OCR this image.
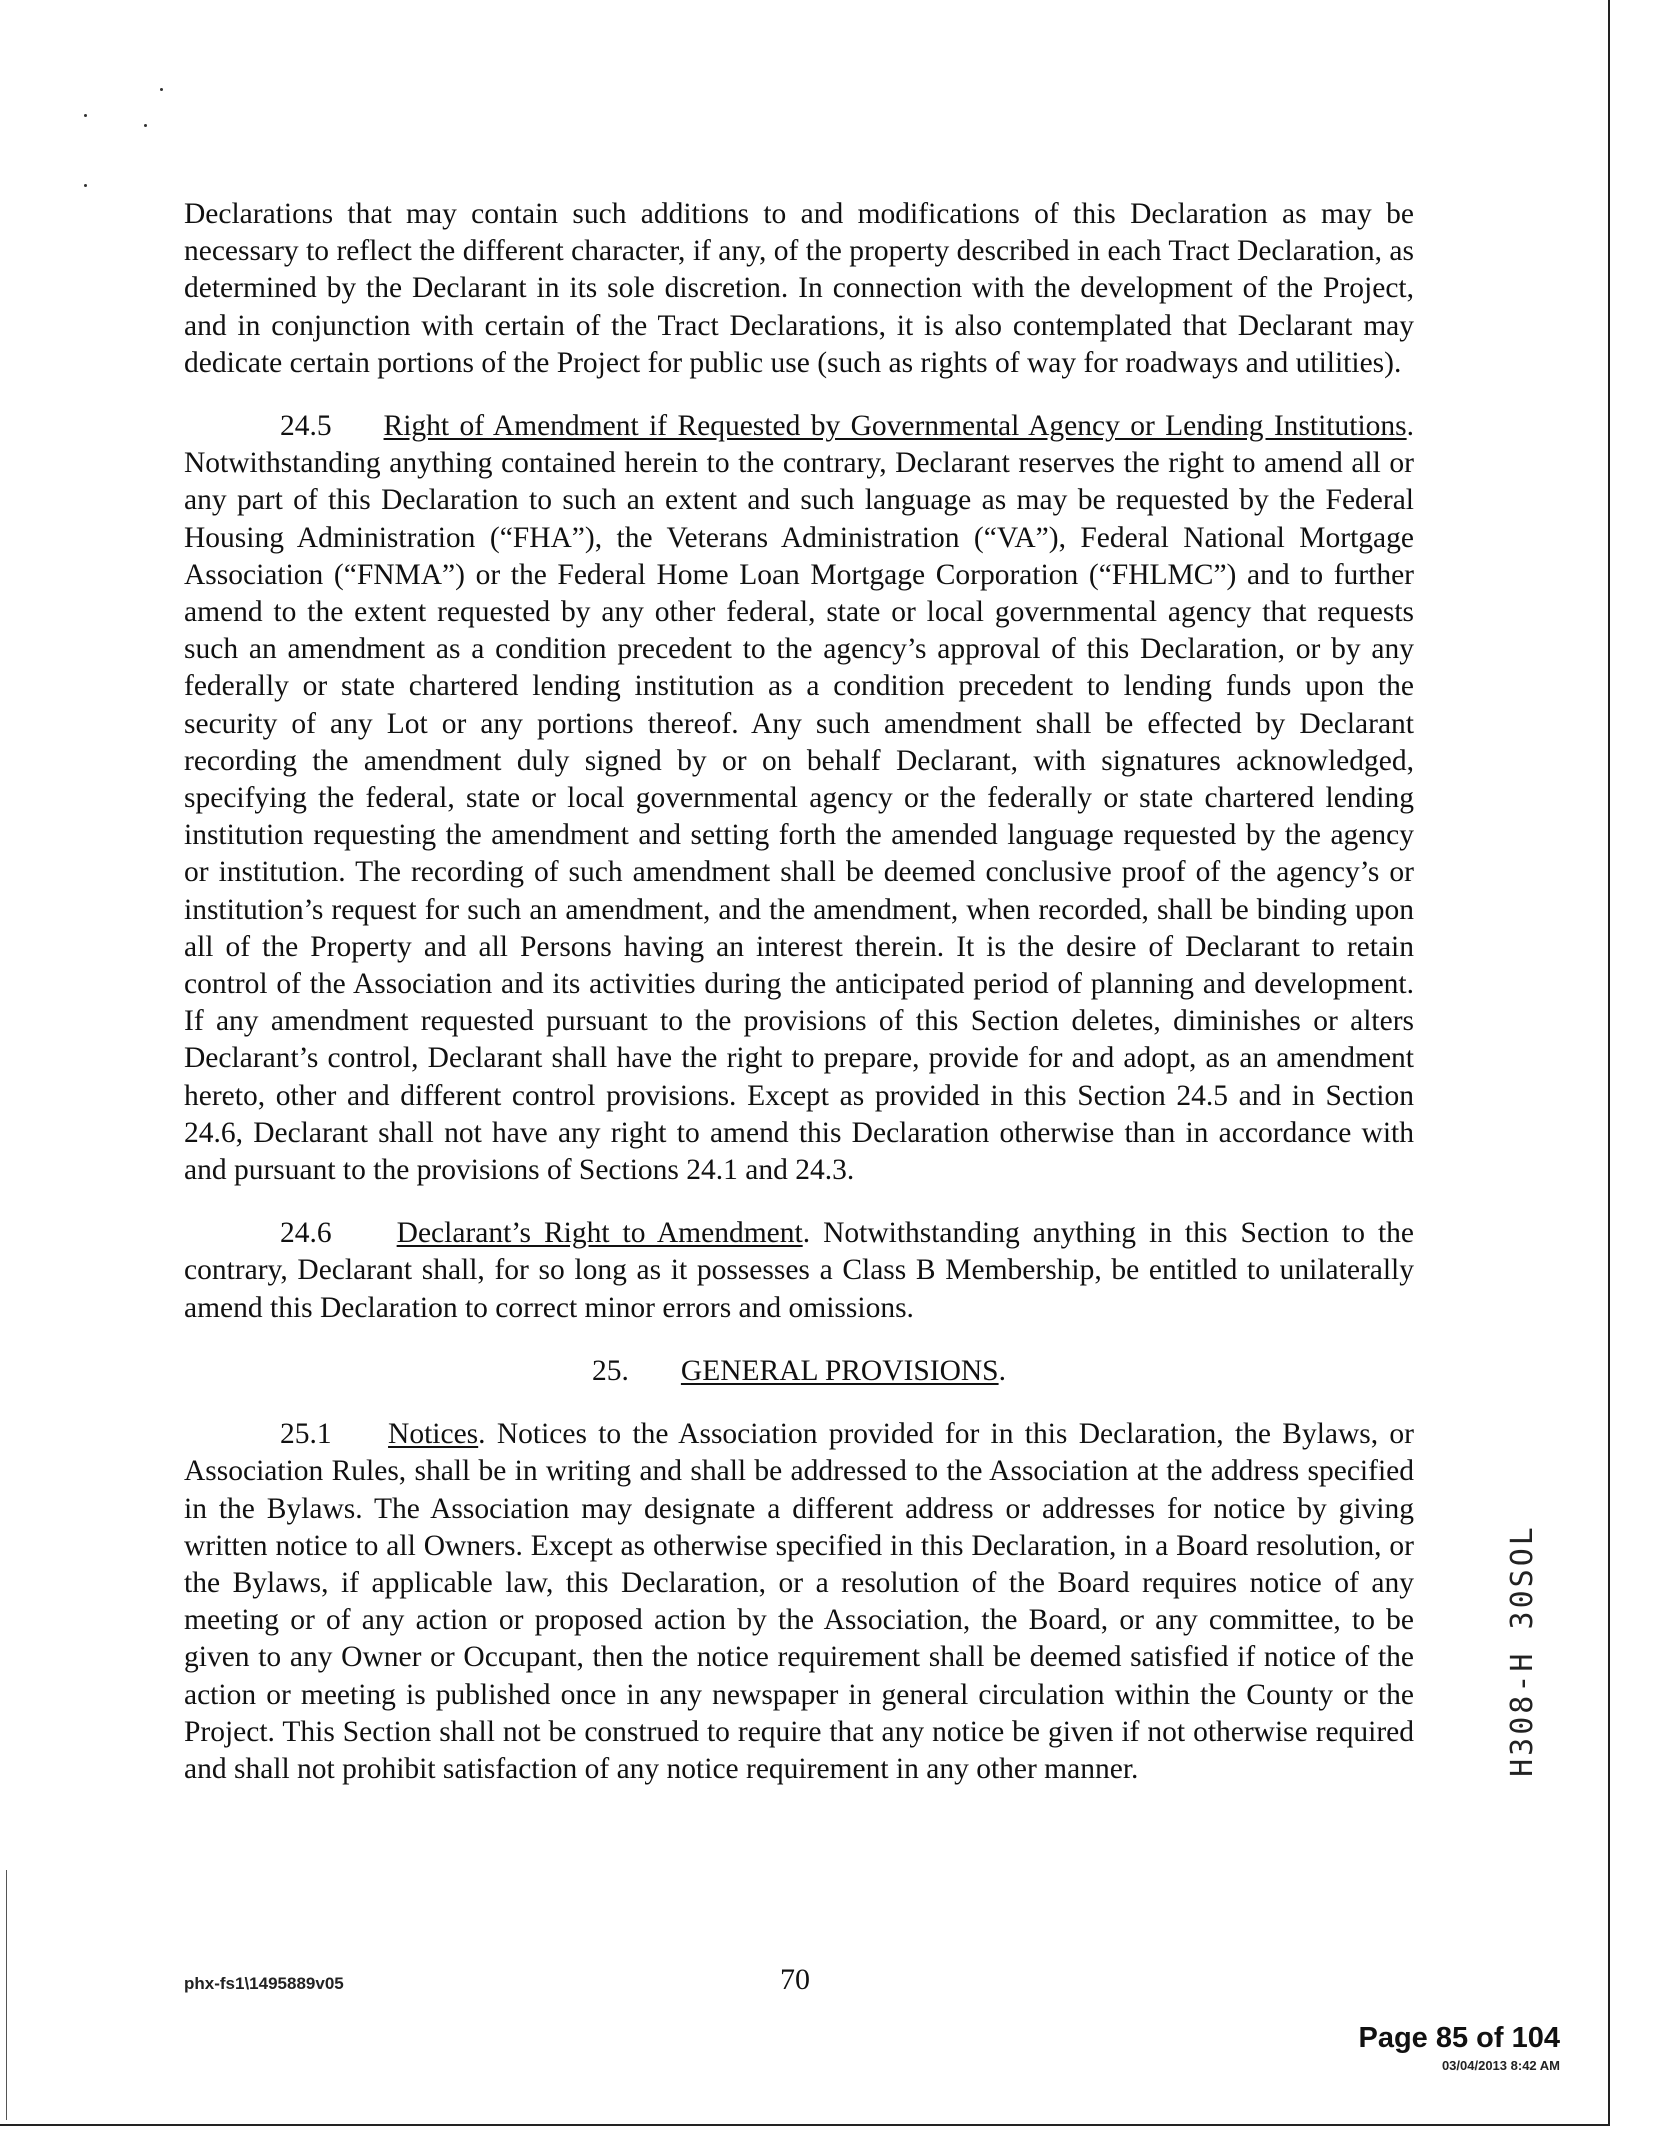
Declarations that may contain such additions to and modifications of this Declaration as may be necessary to reflect the different character, if any, of the property described in each Tract Declaration, as determined by the Declarant in its sole discretion. In connection with the development of the Project, and in conjunction with certain of the Tract Declarations, it is also contemplated that Declarant may dedicate certain portions of the Project for public use (such as rights of way for roadways and utilities).

24.5 Right of Amendment if Requested by Governmental Agency or Lending Institutions. Notwithstanding anything contained herein to the contrary, Declarant reserves the right to amend all or any part of this Declaration to such an extent and such language as may be requested by the Federal Housing Administration (“FHA”), the Veterans Administration (“VA”), Federal National Mortgage Association (“FNMA”) or the Federal Home Loan Mortgage Corporation (“FHLMC”) and to further amend to the extent requested by any other federal, state or local governmental agency that requests such an amendment as a condition precedent to the agency’s approval of this Declaration, or by any federally or state chartered lending institution as a condition precedent to lending funds upon the security of any Lot or any portions thereof. Any such amendment shall be effected by Declarant recording the amendment duly signed by or on behalf Declarant, with signatures acknowledged, specifying the federal, state or local governmental agency or the federally or state chartered lending institution requesting the amendment and setting forth the amended language requested by the agency or institution. The recording of such amendment shall be deemed conclusive proof of the agency’s or institution’s request for such an amendment, and the amendment, when recorded, shall be binding upon all of the Property and all Persons having an interest therein. It is the desire of Declarant to retain control of the Association and its activities during the anticipated period of planning and development. If any amendment requested pursuant to the provisions of this Section deletes, diminishes or alters Declarant’s control, Declarant shall have the right to prepare, provide for and adopt, as an amendment hereto, other and different control provisions. Except as provided in this Section 24.5 and in Section 24.6, Declarant shall not have any right to amend this Declaration otherwise than in accordance with and pursuant to the provisions of Sections 24.1 and 24.3.

24.6 Declarant’s Right to Amendment. Notwithstanding anything in this Section to the contrary, Declarant shall, for so long as it possesses a Class B Membership, be entitled to unilaterally amend this Declaration to correct minor errors and omissions.

25. GENERAL PROVISIONS.

25.1 Notices. Notices to the Association provided for in this Declaration, the Bylaws, or Association Rules, shall be in writing and shall be addressed to the Association at the address specified in the Bylaws. The Association may designate a different address or addresses for notice by giving written notice to all Owners. Except as otherwise specified in this Declaration, in a Board resolution, or the Bylaws, if applicable law, this Declaration, or a resolution of the Board requires notice of any meeting or of any action or proposed action by the Association, the Board, or any committee, to be given to any Owner or Occupant, then the notice requirement shall be deemed satisfied if notice of the action or meeting is published once in any newspaper in general circulation within the County or the Project. This Section shall not be construed to require that any notice be given if not otherwise required and shall not prohibit satisfaction of any notice requirement in any other manner.	H308-H 30SOL
phx-fs1\1495889v05	70
Page 85 of 104
03/04/2013 8:42 AM
